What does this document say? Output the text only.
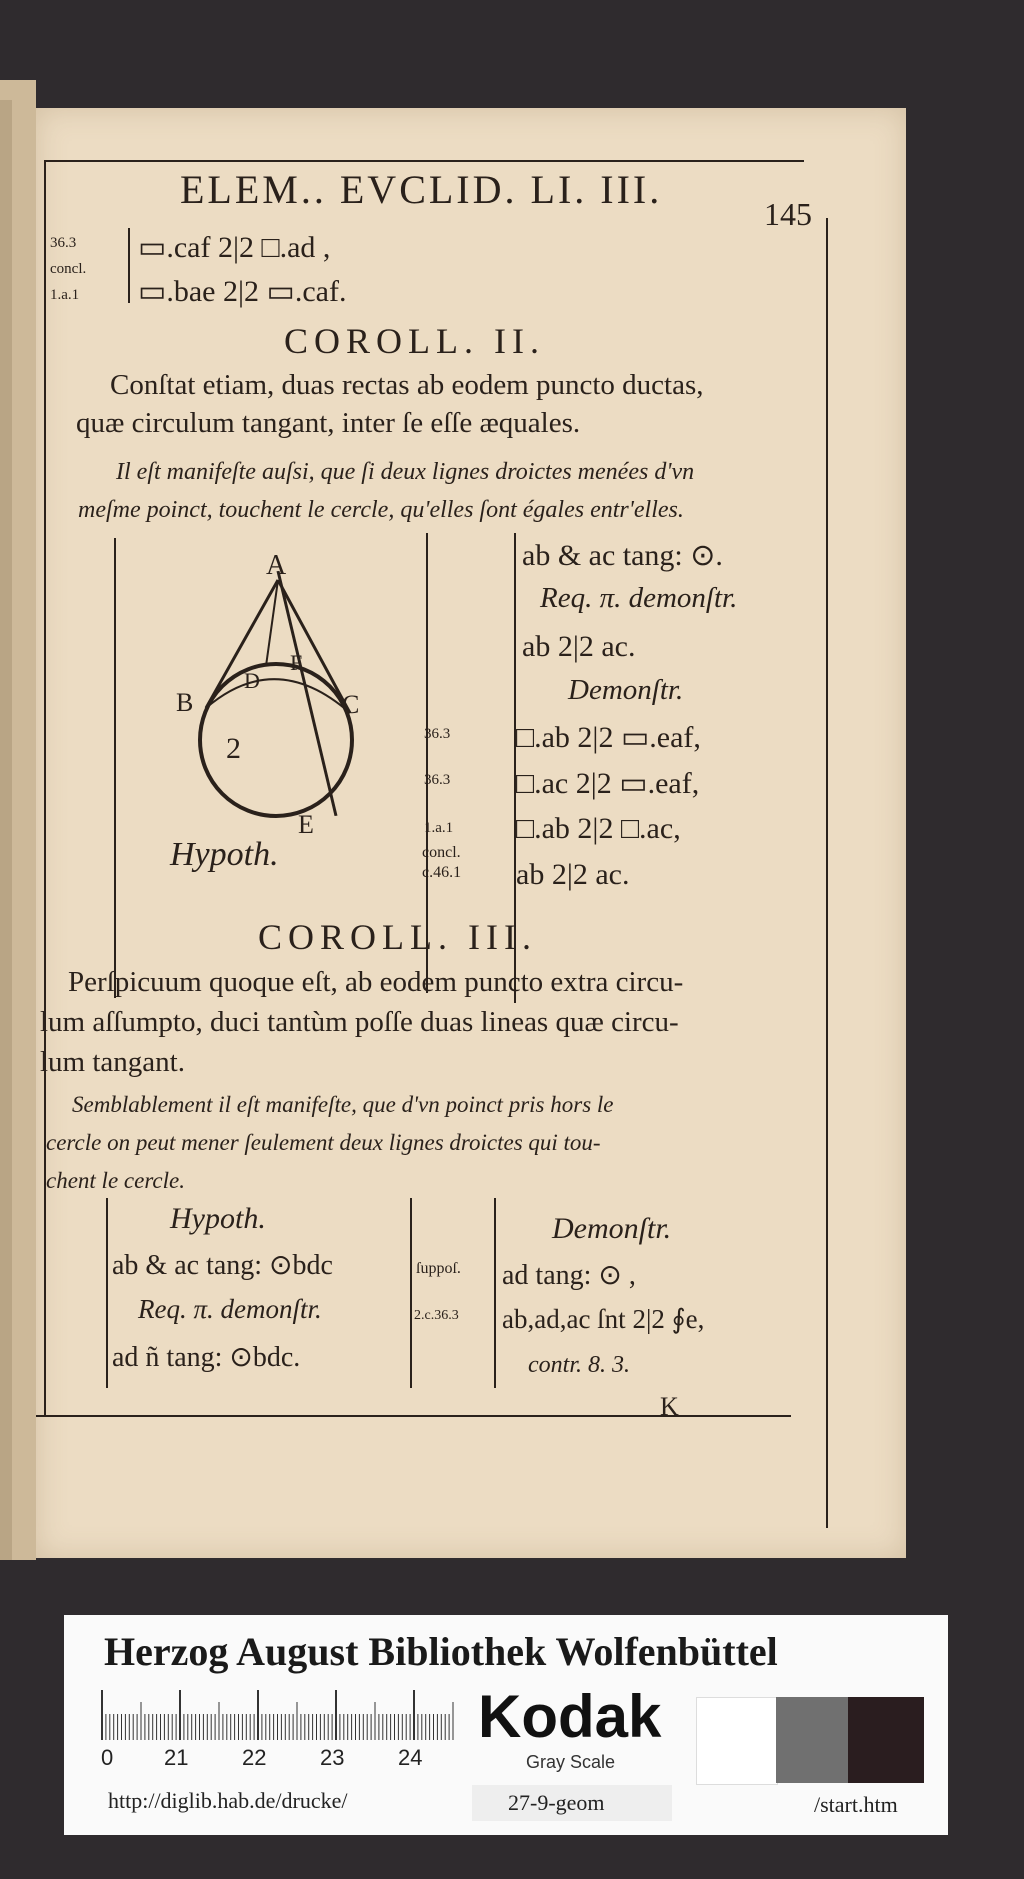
ELEM.. EVCLID. LI. III.
145
36.3
concl.
1.a.1
▭.caf 2|2 □.ad ,
▭.bae 2|2 ▭.caf.
COROLL. II.
Conſtat etiam, duas rectas ab eodem puncto ductas,
quæ circulum tangant, inter ſe eſſe æquales.
Il eſt manifeſte auſsi, que ſi deux lignes droictes menées d'vn
meſme poinct, touchent le cercle, qu'elles ſont égales entr'elles.
A
B	C
D
F
E
2
Hypoth.
36.3
36.3
1.a.1
concl.
c.46.1
ab & ac tang: ⊙.
Req. π. demonſtr.
ab 2|2 ac.
Demonſtr.
□.ab 2|2 ▭.eaf,
□.ac 2|2 ▭.eaf,
□.ab 2|2 □.ac,
ab 2|2 ac.
COROLL. III.
Perſpicuum quoque eſt, ab eodem puncto extra circu-
lum aſſumpto, duci tantùm poſſe duas lineas quæ circu-
lum tangant.
Semblablement il eſt manifeſte, que d'vn poinct pris hors le
cercle on peut mener ſeulement deux lignes droictes qui tou-
chent le cercle.
Hypoth.
ab & ac tang: ⊙bdc
Req. π. demonſtr.
ad ñ tang: ⊙bdc.
ſuppoſ.
2.c.36.3
Demonſtr.
ad tang: ⊙ ,
ab,ad,ac ſnt 2|2 ∮e,
contr. 8. 3.
K
Herzog August Bibliothek Wolfenbüttel
0 21 22 23 24
Kodak
Gray Scale
http://diglib.hab.de/drucke/	27-9-geom	/start.htm
